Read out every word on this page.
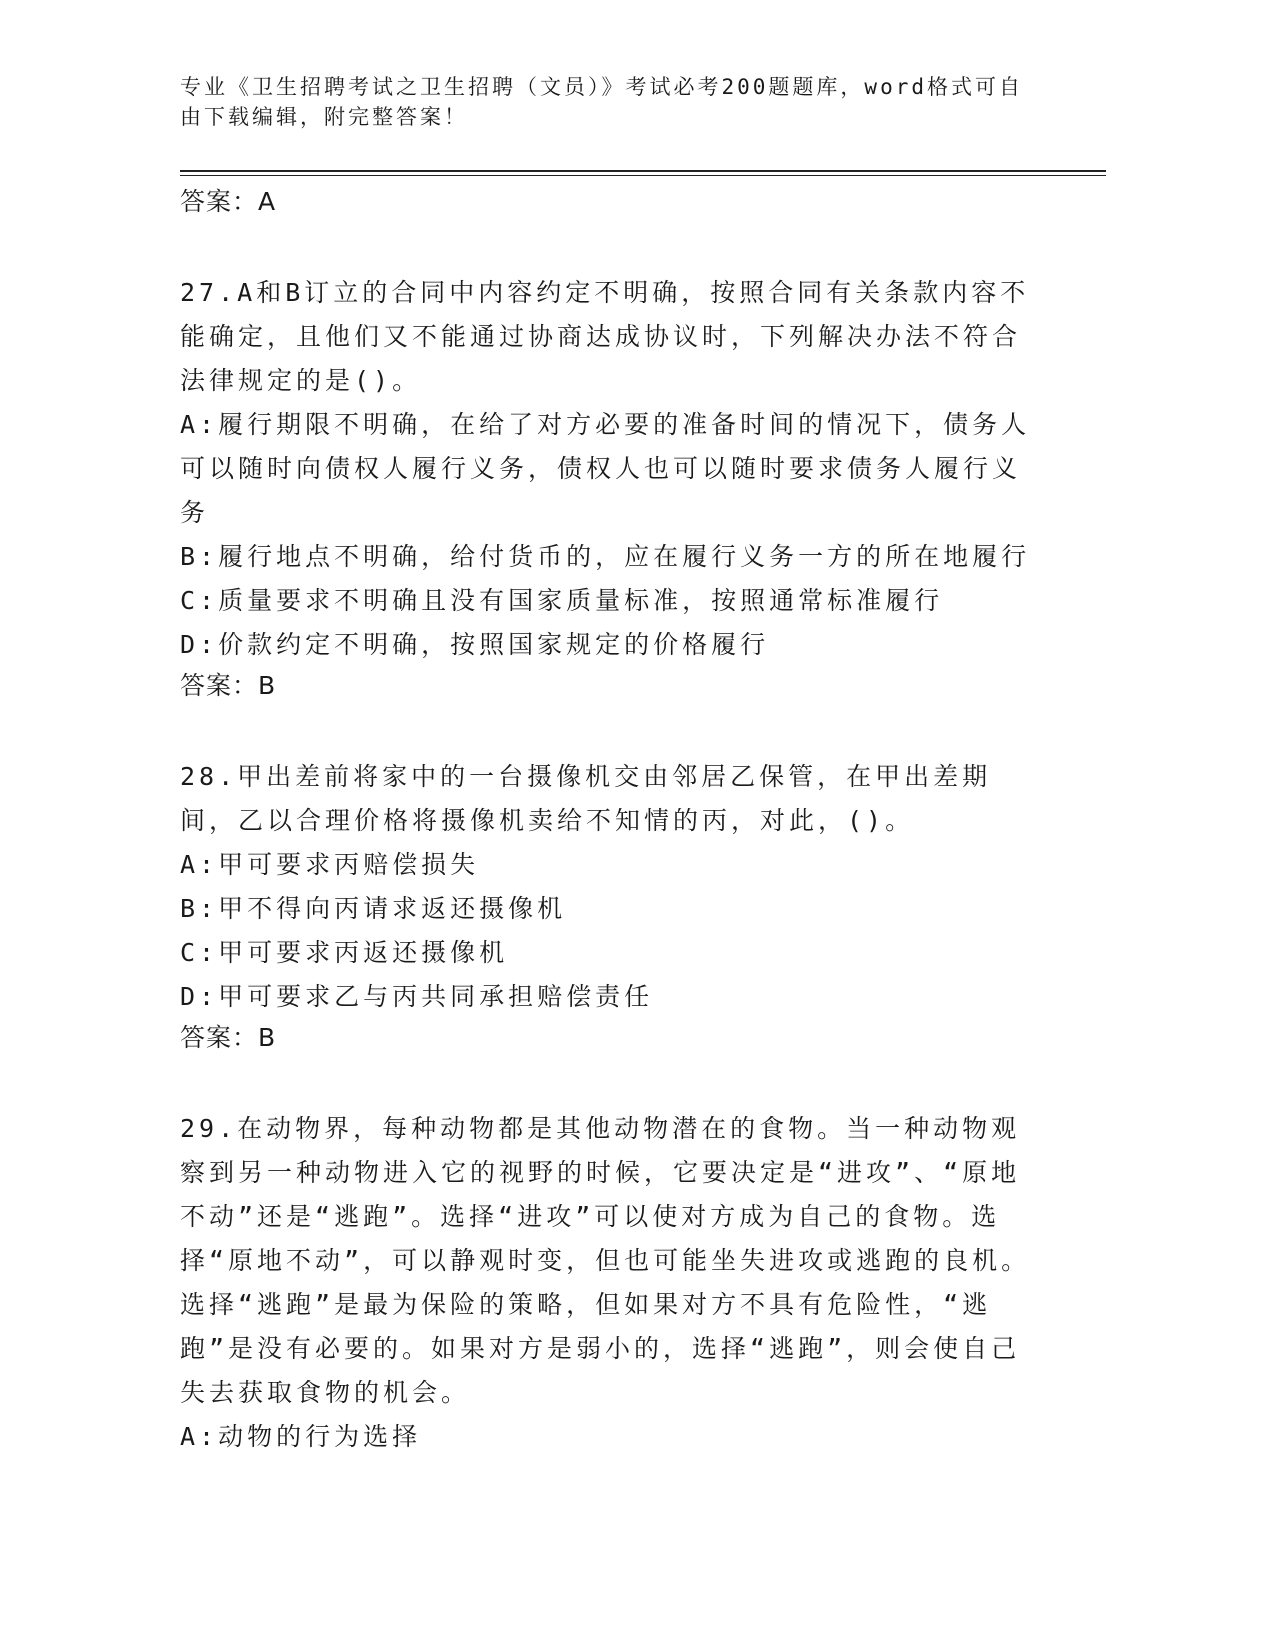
专业《卫生招聘考试之卫生招聘（文员）》考试必考200题题库，word格式可自由下载编辑，附完整答案！

答案：A

27.A和B订立的合同中内容约定不明确，按照合同有关条款内容不能确定，且他们又不能通过协商达成协议时，下列解决办法不符合法律规定的是()。

A:履行期限不明确，在给了对方必要的准备时间的情况下，债务人可以随时向债权人履行义务，债权人也可以随时要求债务人履行义务

B:履行地点不明确，给付货币的，应在履行义务一方的所在地履行

C:质量要求不明确且没有国家质量标准，按照通常标准履行

D:价款约定不明确，按照国家规定的价格履行

答案：B

28.甲出差前将家中的一台摄像机交由邻居乙保管，在甲出差期间，乙以合理价格将摄像机卖给不知情的丙，对此，()。

A:甲可要求丙赔偿损失

B:甲不得向丙请求返还摄像机

C:甲可要求丙返还摄像机

D:甲可要求乙与丙共同承担赔偿责任

答案：B

29.在动物界，每种动物都是其他动物潜在的食物。当一种动物观察到另一种动物进入它的视野的时候，它要决定是“进攻”、“原地不动”还是“逃跑”。选择“进攻”可以使对方成为自己的食物。选择“原地不动”，可以静观时变，但也可能坐失进攻或逃跑的良机。选择“逃跑”是最为保险的策略，但如果对方不具有危险性，“逃跑”是没有必要的。如果对方是弱小的，选择“逃跑”，则会使自己失去获取食物的机会。

A:动物的行为选择
